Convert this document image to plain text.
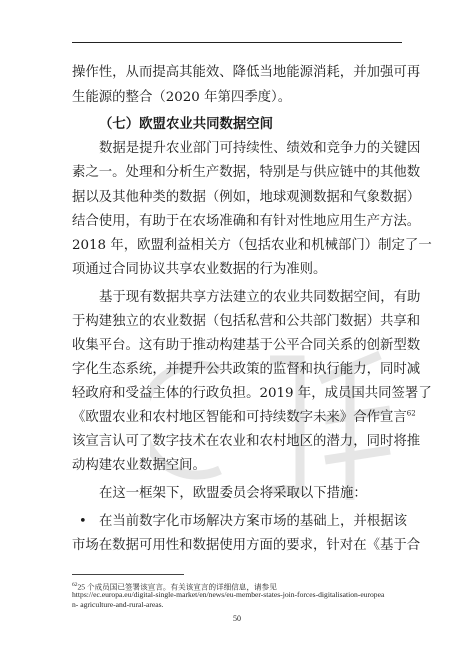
操作性，从而提高其能效、降低当地能源消耗，并加强可再
生能源的整合（2020 年第四季度）。
（七）欧盟农业共同数据空间
数据是提升农业部门可持续性、绩效和竞争力的关键因
素之一。处理和分析生产数据，特别是与供应链中的其他数
据以及其他种类的数据（例如，地球观测数据和气象数据）
结合使用，有助于在农场准确和有针对性地应用生产方法。
2018 年，欧盟利益相关方（包括农业和机械部门）制定了一
项通过合同协议共享农业数据的行为准则。
基于现有数据共享方法建立的农业共同数据空间，有助
于构建独立的农业数据（包括私营和公共部门数据）共享和
收集平台。这有助于推动构建基于公平合同关系的创新型数
字化生态系统，并提升公共政策的监督和执行能力，同时减
轻政府和受益主体的行政负担。2019 年，成员国共同签署了
《欧盟农业和农村地区智能和可持续数字未来》合作宣言$^{62}$
该宣言认可了数字技术在农业和农村地区的潜力，同时将推
动构建农业数据空间。
在这一框架下，欧盟委员会将采取以下措施：
• 在当前数字化市场解决方案市场的基础上，并根据该
市场在数据可用性和数据使用方面的要求，针对在《基于合
$^{62}$25 个成员国已签署该宣言。有关该宣言的详细信息，请参见
https://ec.europa.eu/digital-single-market/en/news/eu-member-states-join-forces-digitalisation-europea
n- agriculture-and-rural-areas.
50
